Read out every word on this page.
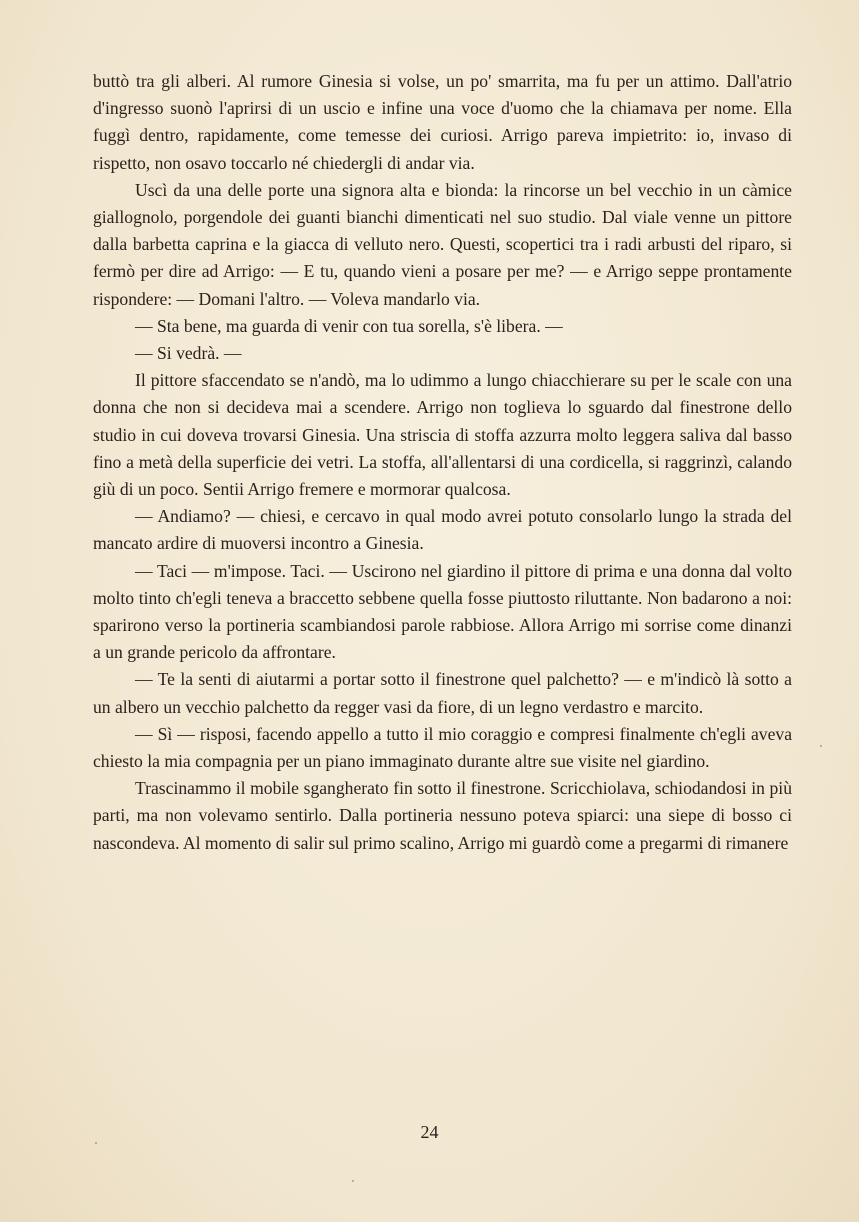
buttò tra gli alberi. Al rumore Ginesia si volse, un po' smarrita, ma fu per un attimo. Dall'atrio d'ingresso suonò l'aprirsi di un uscio e infine una voce d'uomo che la chiamava per nome. Ella fuggì dentro, rapidamente, come temesse dei curiosi. Arrigo pareva impietrito: io, invaso di rispetto, non osavo toccarlo né chiedergli di andar via.

Uscì da una delle porte una signora alta e bionda: la rincorse un bel vecchio in un càmice giallognolo, porgendole dei guanti bianchi dimenticati nel suo studio. Dal viale venne un pittore dalla barbetta caprina e la giacca di velluto nero. Questi, scopertici tra i radi arbusti del riparo, si fermò per dire ad Arrigo: — E tu, quando vieni a posare per me? — e Arrigo seppe prontamente rispondere: — Domani l'altro. — Voleva mandarlo via.

— Sta bene, ma guarda di venir con tua sorella, s'è libera. —

— Si vedrà. —

Il pittore sfaccendato se n'andò, ma lo udimmo a lungo chiacchierare su per le scale con una donna che non si decideva mai a scendere. Arrigo non toglieva lo sguardo dal finestrone dello studio in cui doveva trovarsi Ginesia. Una striscia di stoffa azzurra molto leggera saliva dal basso fino a metà della superficie dei vetri. La stoffa, all'allentarsi di una cordicella, si raggrinzì, calando giù di un poco. Sentii Arrigo fremere e mormorar qualcosa.

— Andiamo? — chiesi, e cercavo in qual modo avrei potuto consolarlo lungo la strada del mancato ardire di muoversi incontro a Ginesia.

— Taci — m'impose. Taci. — Uscirono nel giardino il pittore di prima e una donna dal volto molto tinto ch'egli teneva a braccetto sebbene quella fosse piuttosto riluttante. Non badarono a noi: sparirono verso la portineria scambiandosi parole rabbiose. Allora Arrigo mi sorrise come dinanzi a un grande pericolo da affrontare.

— Te la senti di aiutarmi a portar sotto il finestrone quel palchetto? — e m'indicò là sotto a un albero un vecchio palchetto da regger vasi da fiore, di un legno verdastro e marcito.

— Sì — risposi, facendo appello a tutto il mio coraggio e compresi finalmente ch'egli aveva chiesto la mia compagnia per un piano immaginato durante altre sue visite nel giardino.

Trascinammo il mobile sgangherato fin sotto il finestrone. Scricchiolava, schiodandosi in più parti, ma non volevamo sentirlo. Dalla portineria nessuno poteva spiarci: una siepe di bosso ci nascondeva. Al momento di salir sul primo scalino, Arrigo mi guardò come a pregarmi di rimanere

24
